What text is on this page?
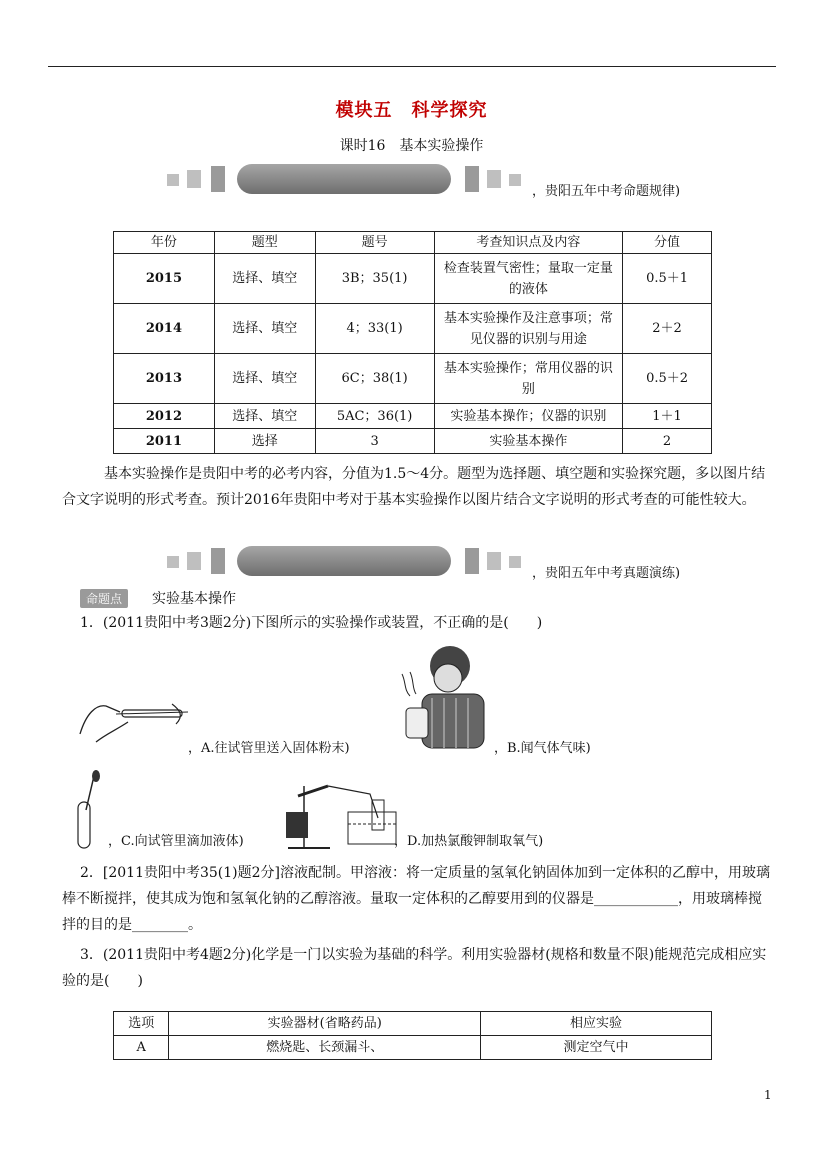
模块五　科学探究
课时16　基本实验操作
，贵阳五年中考命题规律)
年份	题型	题号	考查知识点及内容	分值
2015	选择、填空	3B；35(1)	检查装置气密性；量取一定量的液体	0.5＋1
2014	选择、填空	4；33(1)	基本实验操作及注意事项；常见仪器的识别与用途	2＋2
2013	选择、填空	6C；38(1)	基本实验操作；常用仪器的识别	0.5＋2
2012	选择、填空	5AC；36(1)	实验基本操作；仪器的识别	1＋1
2011	选择	3	实验基本操作	2
基本实验操作是贵阳中考的必考内容，分值为1.5～4分。题型为选择题、填空题和实验探究题，多以图片结合文字说明的形式考查。预计2016年贵阳中考对于基本实验操作以图片结合文字说明的形式考查的可能性较大。
，贵阳五年中考真题演练)
命题点	实验基本操作
1．(2011贵阳中考3题2分)下图所示的实验操作或装置，不正确的是(　　)
，A.往试管里送入固体粉末)	，B.闻气体气味)
，C.向试管里滴加液体)	，D.加热氯酸钾制取氧气)
2．[2011贵阳中考35(1)题2分]溶液配制。甲溶液：将一定质量的氢氧化钠固体加到一定体积的乙醇中，用玻璃棒不断搅拌，使其成为饱和氢氧化钠的乙醇溶液。量取一定体积的乙醇要用到的仪器是____________，用玻璃棒搅拌的目的是________。
3．(2011贵阳中考4题2分)化学是一门以实验为基础的科学。利用实验器材(规格和数量不限)能规范完成相应实验的是(　　)
选项	实验器材(省略药品)	相应实验
A	燃烧匙、长颈漏斗、	测定空气中
1
